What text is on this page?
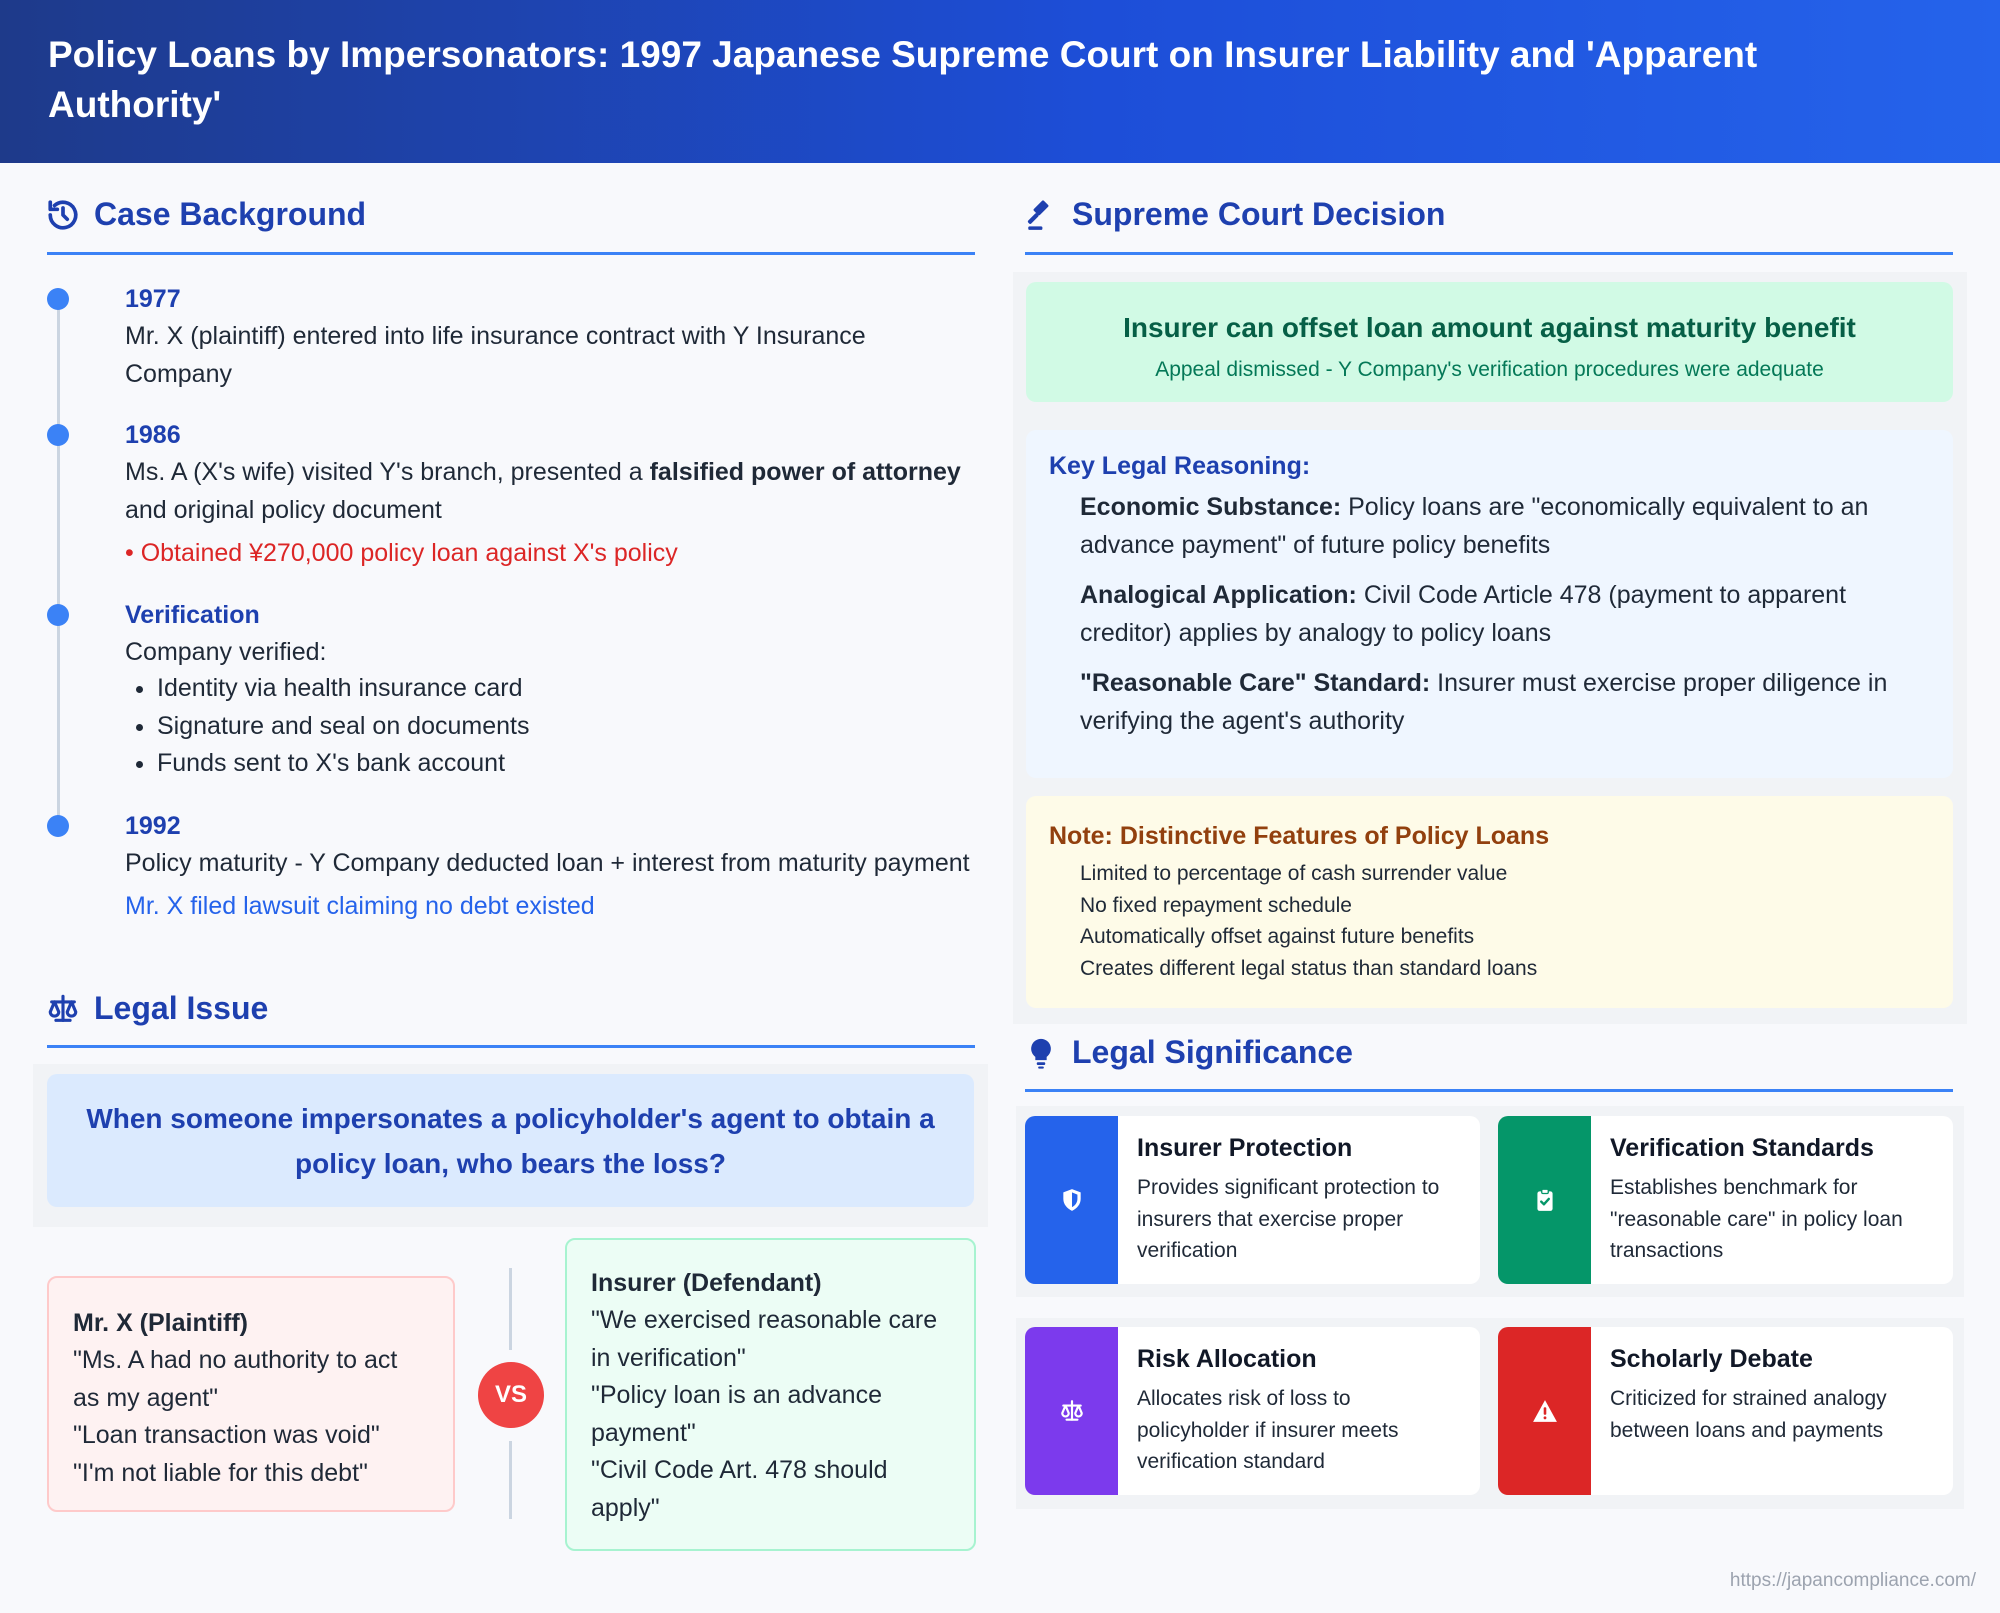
Policy Loans by Impersonators: 1997 Japanese Supreme Court on Insurer Liability and 'Apparent Authority'
Case Background
1977
Mr. X (plaintiff) entered into life insurance contract with Y Insurance Company
1986
Ms. A (X's wife) visited Y's branch, presented a falsified power of attorney and original policy document
• Obtained ¥270,000 policy loan against X's policy
Verification
Company verified:
• Identity via health insurance card
• Signature and seal on documents
• Funds sent to X's bank account
1992
Policy maturity - Y Company deducted loan + interest from maturity payment
Mr. X filed lawsuit claiming no debt existed
Legal Issue
When someone impersonates a policyholder's agent to obtain a policy loan, who bears the loss?
Mr. X (Plaintiff)
"Ms. A had no authority to act as my agent"
"Loan transaction was void"
"I'm not liable for this debt"
VS
Insurer (Defendant)
"We exercised reasonable care in verification"
"Policy loan is an advance payment"
"Civil Code Art. 478 should apply"
Supreme Court Decision
Insurer can offset loan amount against maturity benefit
Appeal dismissed - Y Company's verification procedures were adequate
Key Legal Reasoning:
Economic Substance: Policy loans are "economically equivalent to an advance payment" of future policy benefits
Analogical Application: Civil Code Article 478 (payment to apparent creditor) applies by analogy to policy loans
"Reasonable Care" Standard: Insurer must exercise proper diligence in verifying the agent's authority
Note: Distinctive Features of Policy Loans
Limited to percentage of cash surrender value
No fixed repayment schedule
Automatically offset against future benefits
Creates different legal status than standard loans
Legal Significance
Insurer Protection
Provides significant protection to insurers that exercise proper verification
Verification Standards
Establishes benchmark for "reasonable care" in policy loan transactions
Risk Allocation
Allocates risk of loss to policyholder if insurer meets verification standard
Scholarly Debate
Criticized for strained analogy between loans and payments
https://japancompliance.com/
